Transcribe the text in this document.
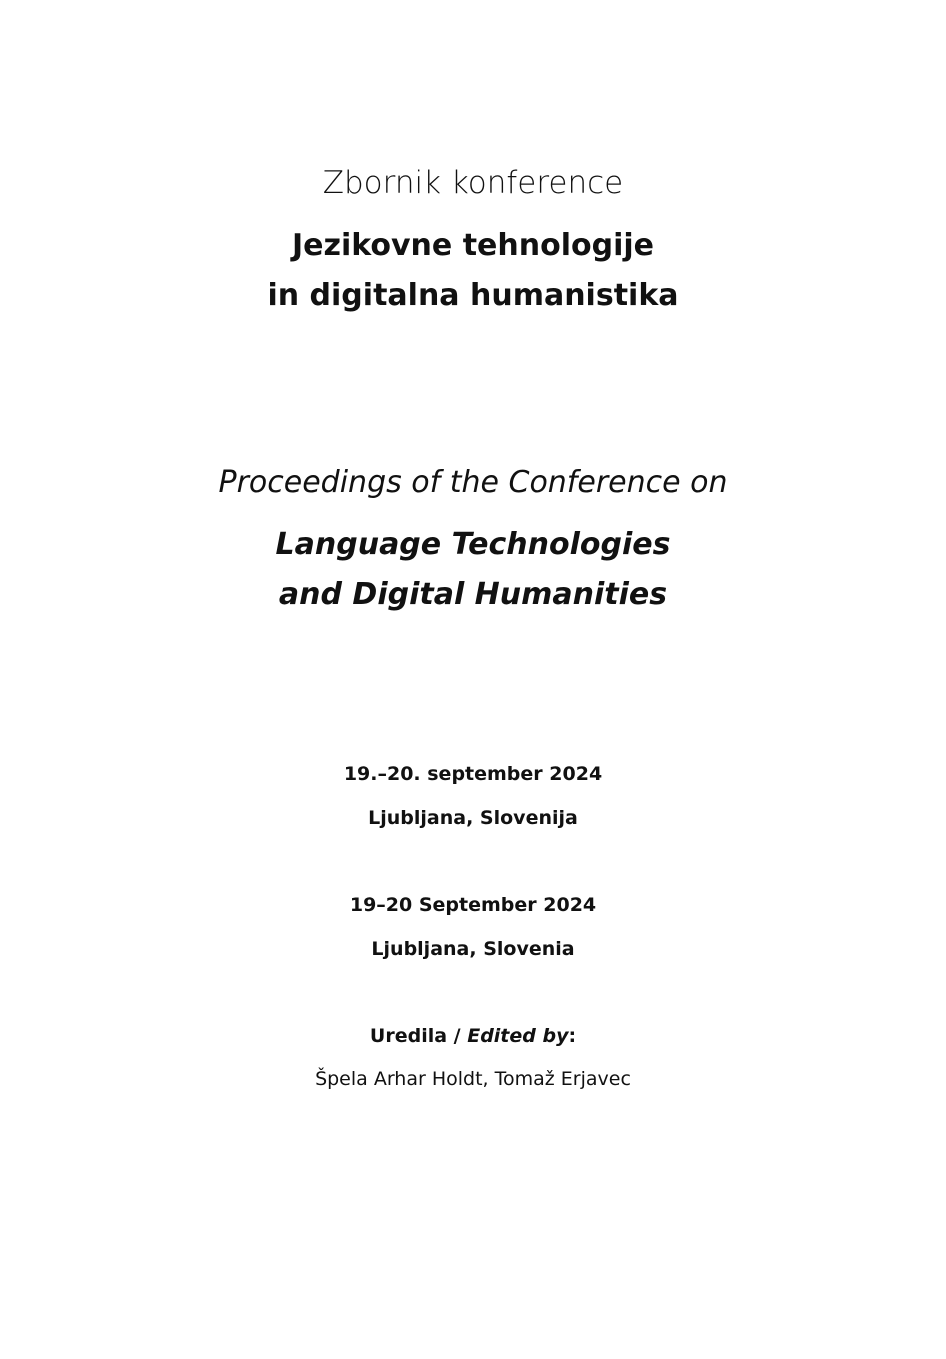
Zbornik konference
Jezikovne tehnologije
in digitalna humanistika
Proceedings of the Conference on
Language Technologies
and Digital Humanities
19.–20. september 2024
Ljubljana, Slovenija
19–20 September 2024
Ljubljana, Slovenia
Uredila / Edited by:
Špela Arhar Holdt, Tomaž Erjavec
